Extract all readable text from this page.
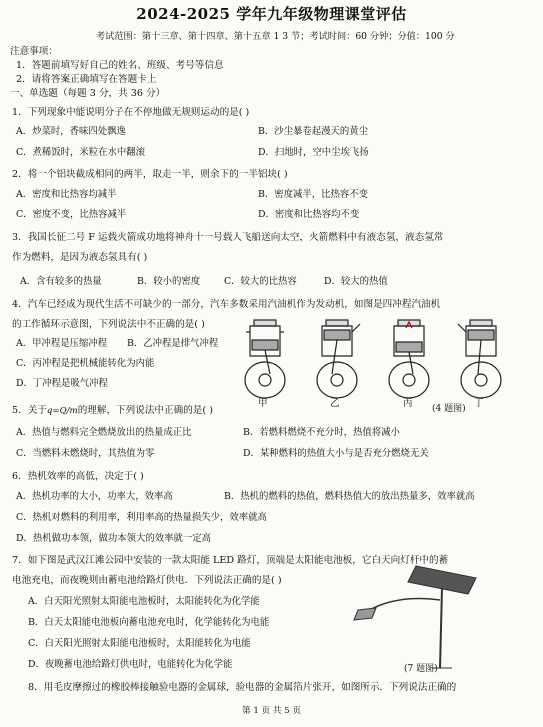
2024-2025 学年九年级物理课堂评估
考试范围：第十三章、第十四章、第十五章 1 3 节；考试时间：60 分钟；分值：100 分
注意事项：
1．答题前填写好自己的姓名、班级、考号等信息
2．请将答案正确填写在答题卡上
一、单选题（每题 3 分，共 36 分）
1．下列现象中能说明分子在不停地做无规则运动的是( )
A．炒菜时，香味四处飘逸	B．沙尘暴卷起漫天的黄尘
C．煮稀饭时，米粒在水中翻滚	D．扫地时，空中尘埃飞扬
2．将一个铝块截成相同的两半，取走一半，则余下的一半铝块( )
A．密度和比热容均减半	B．密度减半，比热容不变
C．密度不变，比热容减半	D．密度和比热容均不变
3．我国长征二号 F 运载火箭成功地将神舟十一号载人飞船送向太空，火箭燃料中有液态氢，液态氢常
作为燃料，是因为液态氢具有( )
A．含有较多的热量	B．较小的密度	C．较大的比热容	D．较大的热值
4．汽车已经成为现代生活不可缺少的一部分，汽车多数采用汽油机作为发动机，如图是四冲程汽油机
的工作循环示意图，下列说法中不正确的是( )
A．甲冲程是压缩冲程 B．乙冲程是排气冲程
C．丙冲程是把机械能转化为内能
D．丁冲程是吸气冲程
甲	乙	丙	丁
(4 题图)
5．关于q=Q/m的理解，下列说法中正确的是( )
A．热值与燃料完全燃烧放出的热量成正比	B．若燃料燃烧不充分时，热值将减小
C．当燃料未燃烧时，其热值为零	D．某种燃料的热值大小与是否充分燃烧无关
6．热机效率的高低，决定于( )
A．热机功率的大小，功率大，效率高	B．热机的燃料的热值，燃料热值大的放出热量多，效率就高
C．热机对燃料的利用率，利用率高的热量损失少，效率就高
D．热机做功本领，做功本领大的效率就一定高
7．如下图是武汉江滩公园中安装的一款太阳能 LED 路灯，顶端是太阳能电池板，它白天向灯杆中的蓄
电池充电，而夜晚则由蓄电池给路灯供电．下列说法正确的是( )
A．白天阳光照射太阳能电池板时，太阳能转化为化学能
B．白天太阳能电池板向蓄电池充电时，化学能转化为电能
C．白天阳光照射太阳能电池板时，太阳能转化为电能
D．夜晚蓄电池给路灯供电时，电能转化为化学能	(7 题图)
8．用毛皮摩擦过的橡胶棒接触验电器的金属球，验电器的金属箔片张开，如图所示．下列说法正确的
第 1 页 共 5 页
